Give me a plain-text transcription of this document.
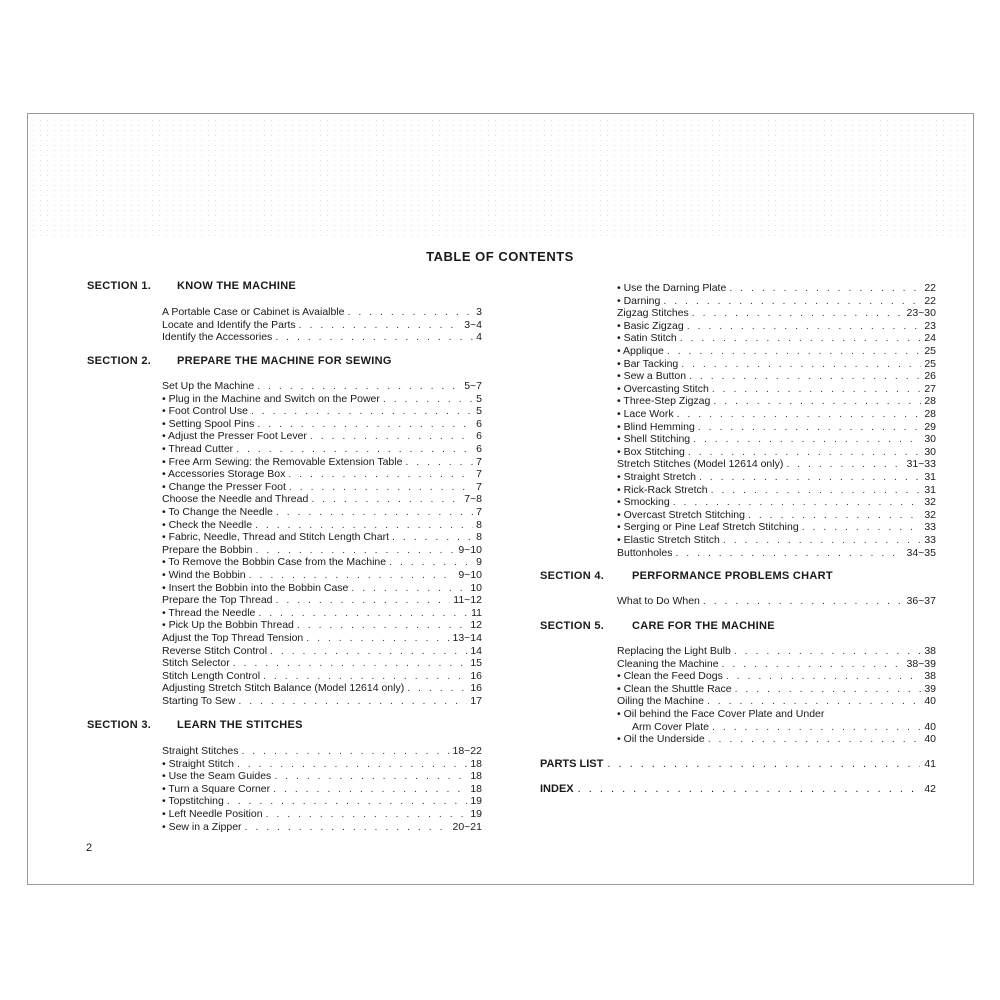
TABLE OF CONTENTS
SECTION 1. KNOW THE MACHINE
A Portable Case or Cabinet is Avaialble . . .	3
Locate and Identify the Parts . . .	3~4
Identify the Accessories . . .	4
SECTION 2. PREPARE THE MACHINE FOR SEWING
Set Up the Machine . . .	5~7
• Plug in the Machine and Switch on the Power . . .	5
• Foot Control Use . . .	5
• Setting Spool Pins . . .	6
• Adjust the Presser Foot Lever . . .	6
• Thread Cutter . . .	6
• Free Arm Sewing: the Removable Extension Table . . .	7
• Accessories Storage Box . . .	7
• Change the Presser Foot . . .	7
Choose the Needle and Thread . . .	7~8
• To Change the Needle . . .	7
• Check the Needle . . .	8
• Fabric, Needle, Thread and Stitch Length Chart . . .	8
Prepare the Bobbin . . .	9~10
• To Remove the Bobbin Case from the Machine . . .	9
• Wind the Bobbin . . .	9~10
• Insert the Bobbin into the Bobbin Case . . .	10
Prepare the Top Thread . . .	11~12
• Thread the Needle . . .	11
• Pick Up the Bobbin Thread . . .	12
Adjust the Top Thread Tension . . .	13~14
Reverse Stitch Control . . .	14
Stitch Selector . . .	15
Stitch Length Control . . .	16
Adjusting Stretch Stitch Balance (Model 12614 only) . . .	16
Starting To Sew . . .	17
SECTION 3. LEARN THE STITCHES
Straight Stitches . . .	18~22
• Straight Stitch . . .	18
• Use the Seam Guides . . .	18
• Turn a Square Corner . . .	18
• Topstitching . . .	19
• Left Needle Position . . .	19
• Sew in a Zipper . . .	20~21
• Use the Darning Plate . . .	22
• Darning . . .	22
Zigzag Stitches . . .	23~30
• Basic Zigzag . . .	23
• Satin Stitch . . .	24
• Applique . . .	25
• Bar Tacking . . .	25
• Sew a Button . . .	26
• Overcasting Stitch . . .	27
• Three-Step Zigzag . . .	28
• Lace Work . . .	28
• Blind Hemming . . .	29
• Shell Stitching . . .	30
• Box Stitching . . .	30
Stretch Stitches (Model 12614 only) . . .	31~33
• Straight Stretch . . .	31
• Rick-Rack Stretch . . .	31
• Smocking . . .	32
• Overcast Stretch Stitching . . .	32
• Serging or Pine Leaf Stretch Stitching . . .	33
• Elastic Stretch Stitch . . .	33
Buttonholes . . .	34~35
SECTION 4.	PERFORMANCE PROBLEMS CHART
What to Do When . . .	36~37
SECTION 5.	CARE FOR THE MACHINE
Replacing the Light Bulb . . .	38
Cleaning the Machine . . .	38~39
• Clean the Feed Dogs . . .	38
• Clean the Shuttle Race . . .	39
Oiling the Machine . . .	40
• Oil behind the Face Cover Plate and Under
Arm Cover Plate . . .	40
• Oil the Underside . . .	40
PARTS LIST . . .	41
INDEX . . .	42
2
